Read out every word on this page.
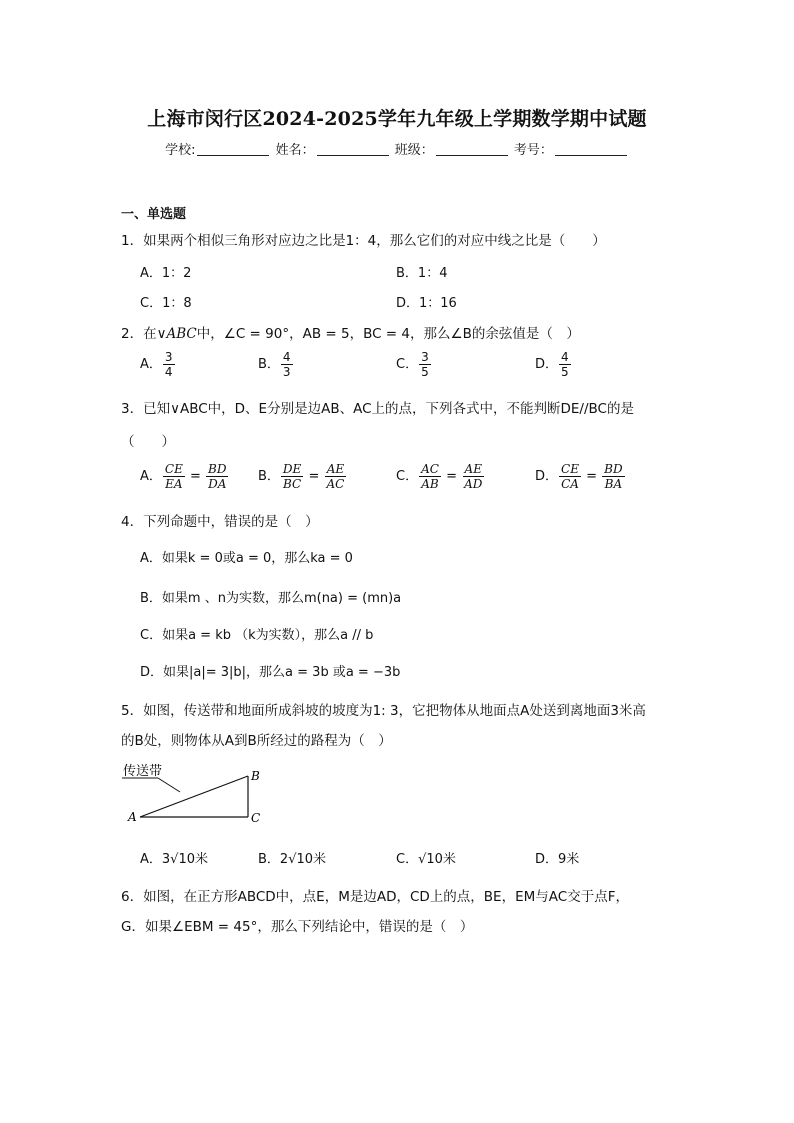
上海市闵行区2024-2025学年九年级上学期数学期中试题
学校:	姓名：	班级：	考号：
一、单选题
1．如果两个相似三角形对应边之比是1：4，那么它们的对应中线之比是（　　）
A．1：2	B．1：4
C．1：8	D．1：16
2．在∨ABC中，∠C = 90°，AB = 5，BC = 4，那么∠B的余弦值是（　）
A． $\frac{3}{4}$	B． $\frac{4}{3}$	C． $\frac{3}{5}$	D． $\frac{4}{5}$
3．已知∨ABC中，D、E分别是边AB、AC上的点，下列各式中，不能判断DE//BC的是
（　　）
A． $\frac{CE}{EA} = \frac{BD}{DA}$ B． $\frac{DE}{BC} = \frac{AE}{AC}$	C． $\frac{AC}{AB} = \frac{AE}{AD}$	D． $\frac{CE}{CA} = \frac{BD}{BA}$
4．下列命题中，错误的是（　）
A．如果k = 0或a = 0，那么ka = 0
B．如果m 、n为实数，那么m(na) = (mn)a
C．如果a = kb （k为实数），那么a // b
D．如果|a|= 3|b|，那么a = 3b 或a = −3b
5．如图，传送带和地面所成斜坡的坡度为1: 3，它把物体从地面点A处送到离地面3米高
的B处，则物体从A到B所经过的路程为（　）
传送带
A
B
C
A．3√10米	B．2√10米	C．√10米	D．9米
6．如图，在正方形ABCD中，点E，M是边AD，CD上的点，BE，EM与AC交于点F，
G．如果∠EBM = 45°，那么下列结论中，错误的是（　）
